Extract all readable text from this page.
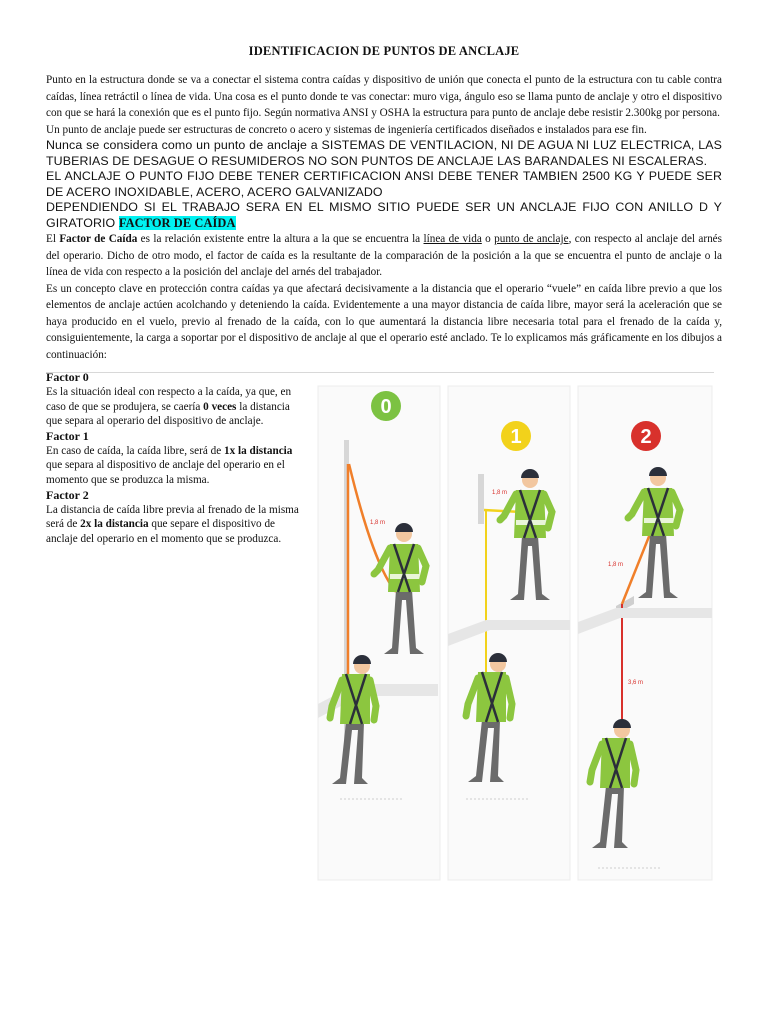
IDENTIFICACION DE PUNTOS DE ANCLAJE

Punto en la estructura donde se va a conectar el sistema contra caídas y dispositivo de unión que conecta el punto de la estructura con tu cable contra caídas, línea retráctil o línea de vida. Una cosa es el punto donde te vas conectar: muro viga, ángulo eso se llama punto de anclaje y otro el dispositivo con que se hará la conexión que es el punto fijo. Según normativa ANSI y OSHA la estructura para punto de anclaje debe resistir 2.300kg por persona.

Un punto de anclaje puede ser estructuras de concreto o acero y sistemas de ingeniería certificados diseñados e instalados para ese fin.

Nunca se considera como un punto de anclaje a SISTEMAS DE VENTILACION, NI DE AGUA NI LUZ ELECTRICA, LAS TUBERIAS DE DESAGUE O RESUMIDEROS NO SON PUNTOS DE ANCLAJE LAS BARANDALES NI ESCALERAS.

EL ANCLAJE O PUNTO FIJO DEBE TENER CERTIFICACION ANSI DEBE TENER TAMBIEN 2500 KG Y PUEDE SER DE ACERO INOXIDABLE, ACERO, ACERO GALVANIZADO

DEPENDIENDO SI EL TRABAJO SERA EN EL MISMO SITIO PUEDE SER UN ANCLAJE FIJO CON ANILLO D Y GIRATORIO FACTOR DE CAÍDA

El Factor de Caída es la relación existente entre la altura a la que se encuentra la línea de vida o punto de anclaje, con respecto al anclaje del arnés del operario. Dicho de otro modo, el factor de caída es la resultante de la comparación de la posición a la que se encuentra el punto de anclaje o la línea de vida con respecto a la posición del anclaje del arnés del trabajador.

Es un concepto clave en protección contra caídas ya que afectará decisivamente a la distancia que el operario “vuele” en caída libre previo a que los elementos de anclaje actúen acolchando y deteniendo la caída. Evidentemente a una mayor distancia de caída libre, mayor será la aceleración que se haya producido en el vuelo, previo al frenado de la caída, con lo que aumentará la distancia libre necesaria total para el frenado de la caída y, consiguientemente, la carga a soportar por el dispositivo de anclaje al que el operario esté anclado. Te lo explicamos más gráficamente en los dibujos a continuación:

Factor 0

Es la situación ideal con respecto a la caída, ya que, en caso de que se produjera, se caería 0 veces la distancia que separa al operario del dispositivo de anclaje.

Factor 1

En caso de caída, la caída libre, será de 1x la distancia que separa al dispositivo de anclaje del operario en el momento que se produzca la misma.

Factor 2

La distancia de caída libre previa al frenado de la misma será de 2x la distancia que separe el dispositivo de anclaje del operario en el momento que se produzca.

0
1,8 m
1
1,8 m
2
1,8 m
3,6 m
